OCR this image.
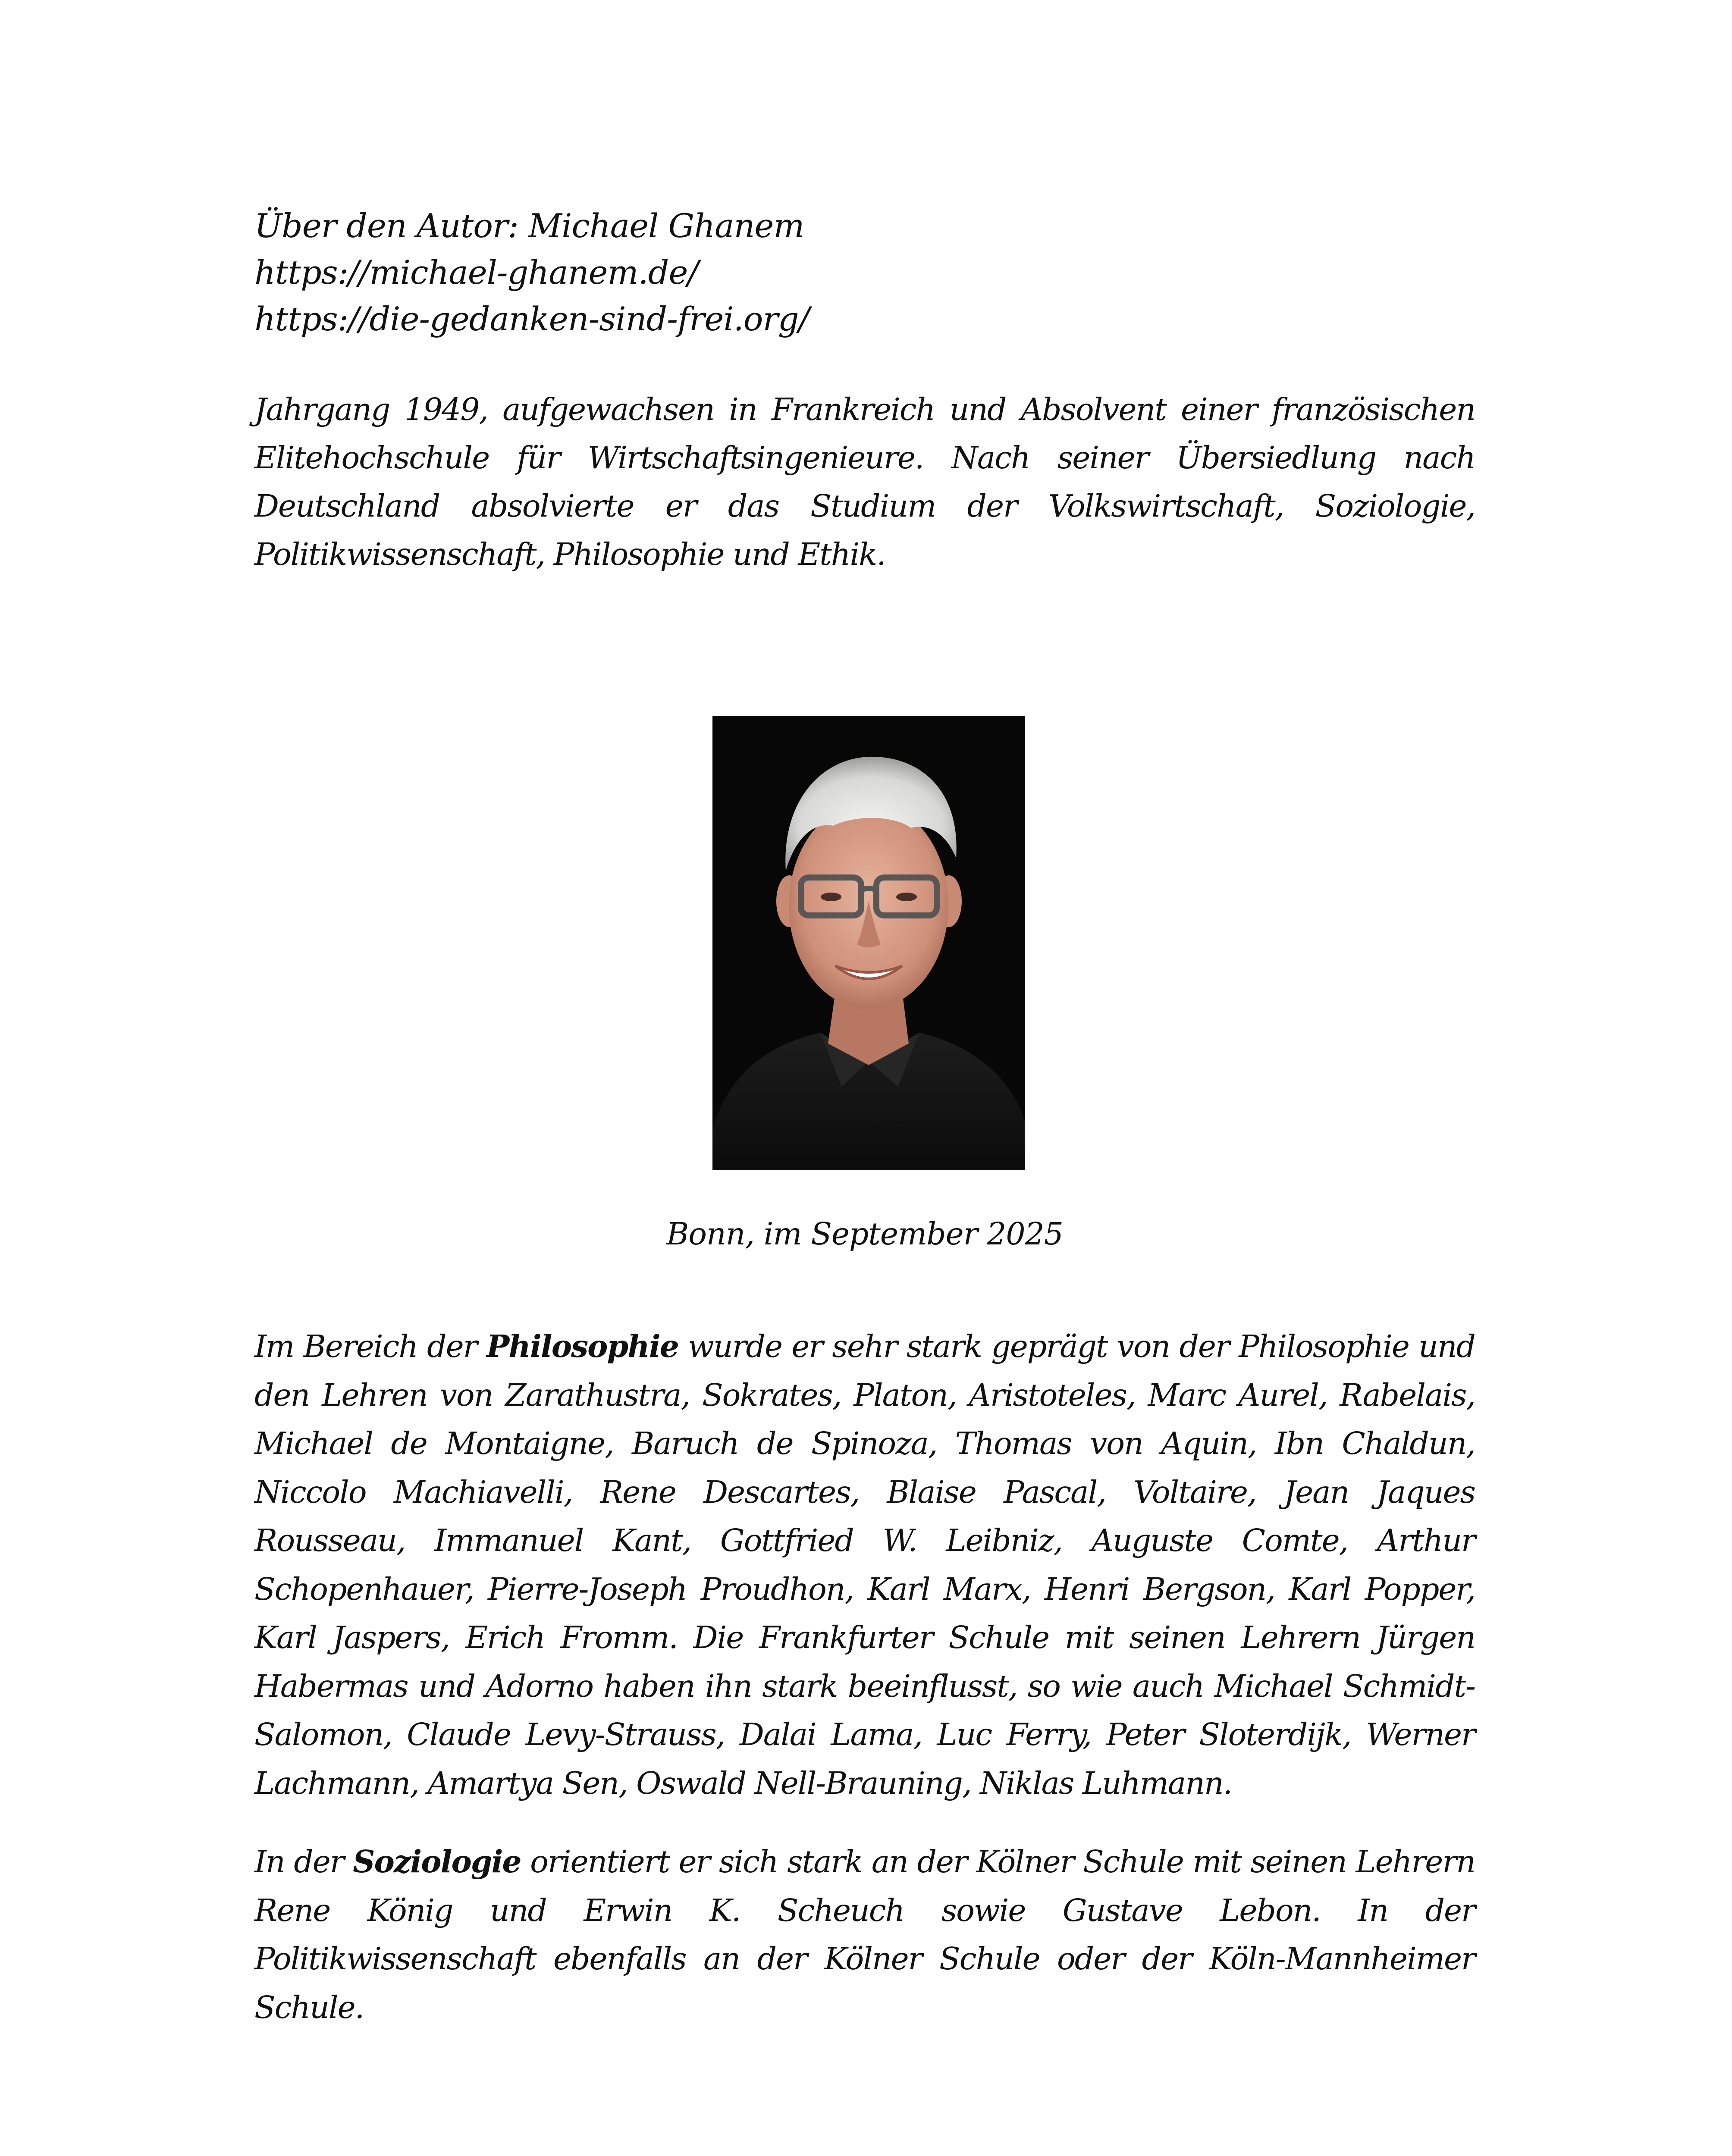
Über den Autor: Michael Ghanem
https://michael-ghanem.de/
https://die-gedanken-sind-frei.org/

Jahrgang 1949, aufgewachsen in Frankreich und Absolvent einer französischen Elitehochschule für Wirtschaftsingenieure. Nach seiner Übersiedlung nach Deutschland absolvierte er das Studium der Volkswirtschaft, Soziologie, Politikwissenschaft, Philosophie und Ethik.

Bonn, im September 2025

Im Bereich der Philosophie wurde er sehr stark geprägt von der Philosophie und den Lehren von Zarathustra, Sokrates, Platon, Aristoteles, Marc Aurel, Rabelais, Michael de Montaigne, Baruch de Spinoza, Thomas von Aquin, Ibn Chaldun, Niccolo Machiavelli, Rene Descartes, Blaise Pascal, Voltaire, Jean Jaques Rousseau, Immanuel Kant, Gottfried W. Leibniz, Auguste Comte, Arthur Schopenhauer, Pierre-Joseph Proudhon, Karl Marx, Henri Bergson, Karl Popper, Karl Jaspers, Erich Fromm. Die Frankfurter Schule mit seinen Lehrern Jürgen Habermas und Adorno haben ihn stark beeinflusst, so wie auch Michael Schmidt-Salomon, Claude Levy-Strauss, Dalai Lama, Luc Ferry, Peter Sloterdijk, Werner Lachmann, Amartya Sen, Oswald Nell-Brauning, Niklas Luhmann.

In der Soziologie orientiert er sich stark an der Kölner Schule mit seinen Lehrern Rene König und Erwin K. Scheuch sowie Gustave Lebon. In der Politikwissenschaft ebenfalls an der Kölner Schule oder der Köln-Mannheimer Schule.
